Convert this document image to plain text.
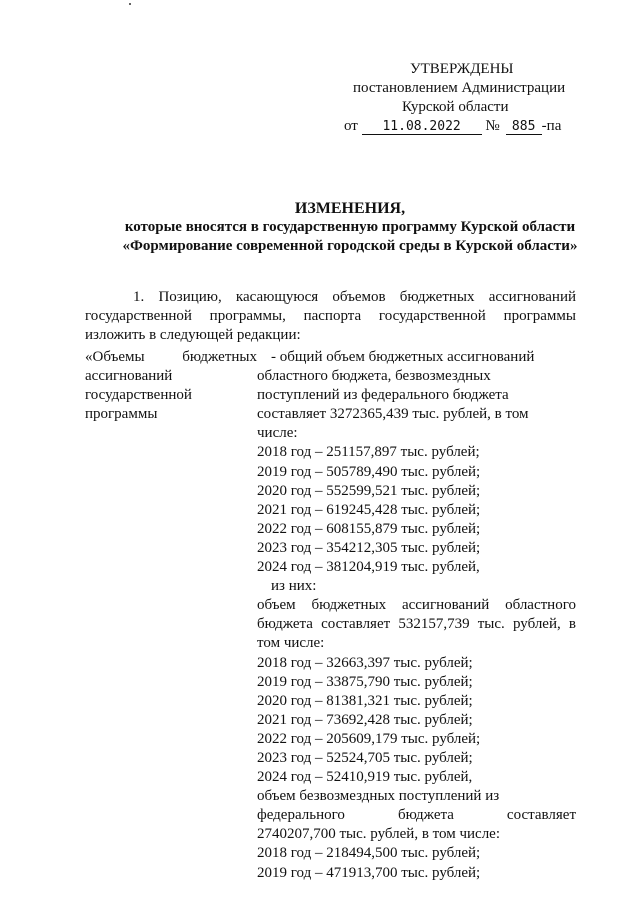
УТВЕРЖДЕНЫ
постановлением Администрации
Курской области
от 11.08.2022 № 885 -па
ИЗМЕНЕНИЯ,
которые вносятся в государственную программу Курской области
«Формирование современной городской среды в Курской области»

1. Позицию, касающуюся объемов бюджетных ассигнований

государственной программы, паспорта государственной программы

изложить в следующей редакции:

«Объемы бюджетных
ассигнований
государственной
программы
- общий объем бюджетных ассигнований
областного бюджета, безвозмездных
поступлений из федерального бюджета
составляет 3272365,439 тыс. рублей, в том
числе:
2018 год – 251157,897 тыс. рублей;
2019 год – 505789,490 тыс. рублей;
2020 год – 552599,521 тыс. рублей;
2021 год – 619245,428 тыс. рублей;
2022 год – 608155,879 тыс. рублей;
2023 год – 354212,305 тыс. рублей;
2024 год – 381204,919 тыс. рублей,
из них:
объем бюджетных ассигнований областного
бюджета составляет 532157,739 тыс. рублей, в
том числе:
2018 год – 32663,397 тыс. рублей;
2019 год – 33875,790 тыс. рублей;
2020 год – 81381,321 тыс. рублей;
2021 год – 73692,428 тыс. рублей;
2022 год – 205609,179 тыс. рублей;
2023 год – 52524,705 тыс. рублей;
2024 год – 52410,919 тыс. рублей,
объем безвозмездных поступлений из
федерального бюджета составляет
2740207,700 тыс. рублей, в том числе:
2018 год – 218494,500 тыс. рублей;
2019 год – 471913,700 тыс. рублей;
